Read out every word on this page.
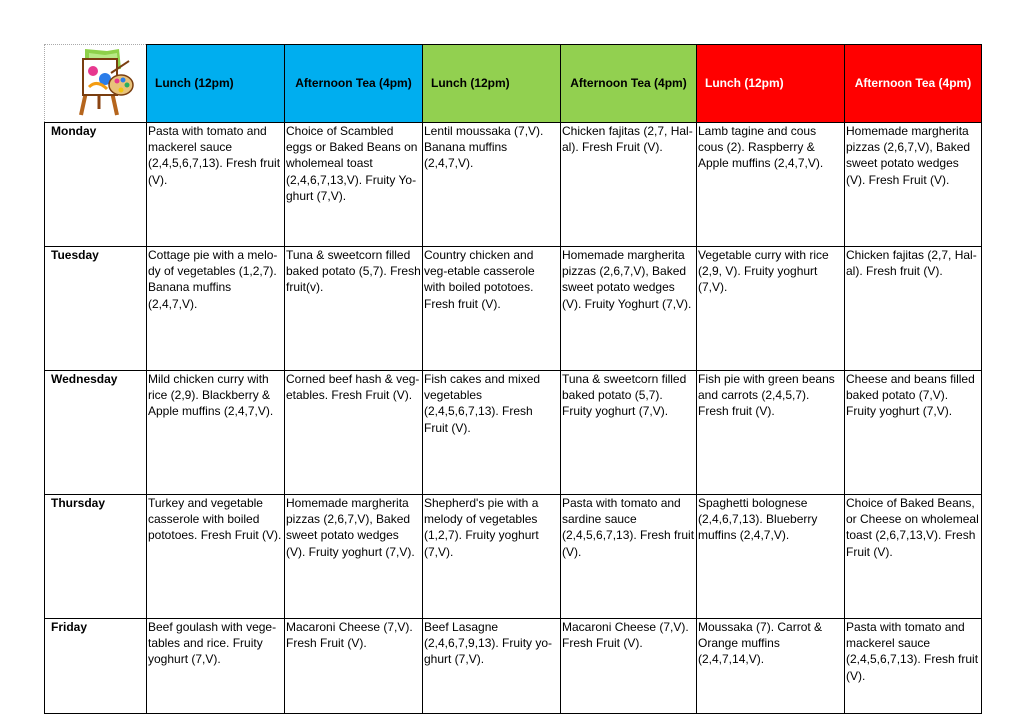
	Lunch (12pm)	Afternoon Tea (4pm)	Lunch (12pm)	Afternoon Tea (4pm)	Lunch (12pm)	Afternoon Tea (4pm)
Monday	Pasta with tomato and mackerel sauce (2,4,5,6,7,13). Fresh fruit (V).	Choice of Scambled eggs or Baked Beans on wholemeal toast (2,4,6,7,13,V). Fruity Yo-ghurt (7,V).	Lentil moussaka (7,V). Banana muffins (2,4,7,V).	Chicken fajitas (2,7, Hal-al). Fresh Fruit (V).	Lamb tagine and cous cous (2). Raspberry & Apple muffins (2,4,7,V).	Homemade margherita pizzas (2,6,7,V), Baked sweet potato wedges (V). Fresh Fruit (V).
Tuesday	Cottage pie with a melo-dy of vegetables (1,2,7). Banana muffins (2,4,7,V).	Tuna & sweetcorn filled baked potato (5,7). Fresh fruit(v).	Country chicken and veg-etable casserole with boiled pototoes. Fresh fruit (V).	Homemade margherita pizzas (2,6,7,V), Baked sweet potato wedges (V). Fruity Yoghurt (7,V).	Vegetable curry with rice (2,9, V). Fruity yoghurt (7,V).	Chicken fajitas (2,7, Hal-al). Fresh fruit (V).
Wednesday	Mild chicken curry with rice (2,9). Blackberry & Apple muffins (2,4,7,V).	Corned beef hash & veg-etables. Fresh Fruit (V).	Fish cakes and mixed vegetables (2,4,5,6,7,13). Fresh Fruit (V).	Tuna & sweetcorn filled baked potato (5,7). Fruity yoghurt (7,V).	Fish pie with green beans and carrots (2,4,5,7). Fresh fruit (V).	Cheese and beans filled baked potato (7,V). Fruity yoghurt (7,V).
Thursday	Turkey and vegetable casserole with boiled pototoes. Fresh Fruit (V).	Homemade margherita pizzas (2,6,7,V), Baked sweet potato wedges (V). Fruity yoghurt (7,V).	Shepherd's pie with a melody of vegetables (1,2,7). Fruity yoghurt (7,V).	Pasta with tomato and sardine sauce (2,4,5,6,7,13). Fresh fruit (V).	Spaghetti bolognese (2,4,6,7,13). Blueberry muffins (2,4,7,V).	Choice of Baked Beans, or Cheese on wholemeal toast (2,6,7,13,V). Fresh Fruit (V).
Friday	Beef goulash with vege-tables and rice. Fruity yoghurt (7,V).	Macaroni Cheese (7,V). Fresh Fruit (V).	Beef Lasagne (2,4,6,7,9,13). Fruity yo-ghurt (7,V).	Macaroni Cheese (7,V). Fresh Fruit (V).	Moussaka (7). Carrot & Orange muffins (2,4,7,14,V).	Pasta with tomato and mackerel sauce (2,4,5,6,7,13). Fresh fruit (V).
